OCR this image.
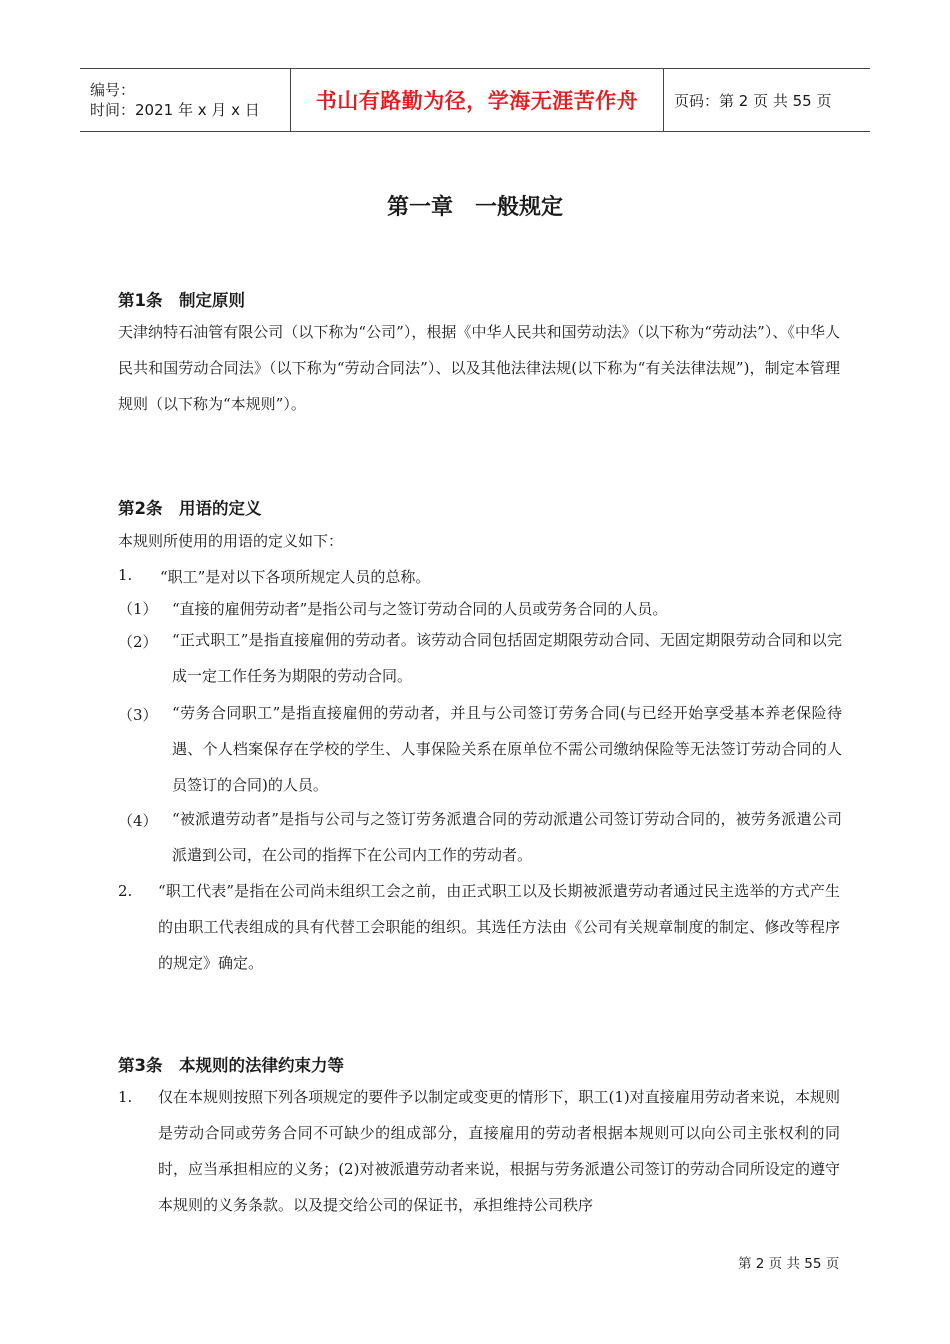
编号：
时间：2021 年 x 月 x 日	书山有路勤为径，学海无涯苦作舟 页码：第 2 页 共 55 页
第一章　一般规定
第1条　制定原则
天津纳特石油管有限公司（以下称为“公司”），根据《中华人民共和国劳动法》（以下称为“劳动法”）、《中华人民共和国劳动合同法》（以下称为“劳动合同法”）、以及其他法律法规(以下称为“有关法律法规”)，制定本管理规则（以下称为“本规则”）。
第2条　用语的定义
本规则所使用的用语的定义如下：
1. “职工”是对以下各项所规定人员的总称。
（1） “直接的雇佣劳动者”是指公司与之签订劳动合同的人员或劳务合同的人员。
（2） “正式职工”是指直接雇佣的劳动者。该劳动合同包括固定期限劳动合同、无固定期限劳动合同和以完成一定工作任务为期限的劳动合同。
（3） “劳务合同职工”是指直接雇佣的劳动者，并且与公司签订劳务合同(与已经开始享受基本养老保险待遇、个人档案保存在学校的学生、人事保险关系在原单位不需公司缴纳保险等无法签订劳动合同的人员签订的合同)的人员。
（4） “被派遣劳动者”是指与公司与之签订劳务派遣合同的劳动派遣公司签订劳动合同的，被劳务派遣公司派遣到公司，在公司的指挥下在公司内工作的劳动者。
2. “职工代表”是指在公司尚未组织工会之前，由正式职工以及长期被派遣劳动者通过民主选举的方式产生的由职工代表组成的具有代替工会职能的组织。其选任方法由《公司有关规章制度的制定、修改等程序的规定》确定。
第3条　本规则的法律约束力等
1. 仅在本规则按照下列各项规定的要件予以制定或变更的情形下，职工(1)对直接雇用劳动者来说，本规则是劳动合同或劳务合同不可缺少的组成部分，直接雇用的劳动者根据本规则可以向公司主张权利的同时，应当承担相应的义务；(2)对被派遣劳动者来说，根据与劳务派遣公司签订的劳动合同所设定的遵守本规则的义务条款。以及提交给公司的保证书，承担维持公司秩序
第 2 页 共 55 页
